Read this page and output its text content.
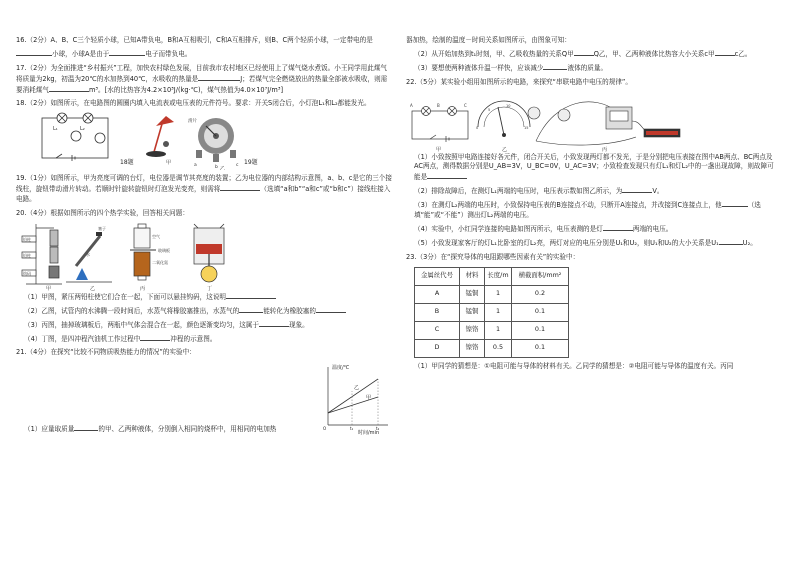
16.（2分）A、B、C三个轻质小球，已知A带负电，B和A互相吸引，C和A互相排斥，则B、C两个轻质小球，一定带电的是

小球，小球A是由于	电子而带负电。

17.（2分）为全面推进“乡村振兴”工程，加快农村绿色发展，目前我市农村地区已经使用上了煤气烧水煮饭。小王同学用此煤气将质量为2kg，初温为20℃的水加热到40℃，水吸收的热量是	J；若煤气完全燃烧放出的热量全部被水吸收，则需要消耗煤气	m³。[水的比热容为4.2×10³J/(kg·℃)，煤气热值为4.0×10⁷J/m³]

18.（2分）如图所示，在电路图的圆圈内填入电流表或电压表的元件符号。要求：开关S闭合后，小灯泡L₁和L₂都能发光。

L₁	L₂
甲
滑片
a	b	c
乙
18题	19题

19.（1分）如图所示，甲为亮度可调的台灯，电位器是调节其亮度的装置；乙为电位器的内部结构示意图，a、b、c是它的三个接线柱，旋钮带动滑片转动。若顺时针旋转旋钮时灯泡发光变亮，则需将	（选填“a和b”“a和c”或“b和c”）接线柱接入电路。

20.（4分）根据如图所示的四个热学实验，回答相关问题：

铅柱
铅柱
钩码
甲
塞子
水
乙
空气
玻璃板
二氧化氮
丙	丁

（1）甲图，紧压两铅柱使它们合在一起，下面可以悬挂钩码，这说明

（2）乙图，试管内的水沸腾一段时间后，水蒸气将橡胶塞推出，水蒸气的	能转化为橡胶塞的

（3）丙图，抽掉玻璃板后，两瓶中气体会混合在一起，颜色逐渐变均匀，这属于	现象。

（4）丁图，是四冲程汽油机工作过程中	冲程的示意图。

21.（4分）在探究“比较不同物质吸热能力的情况”的实验中：

（1）应量取质量	的甲、乙两种液体，分别倒入相同的烧杯中，用相同的电加热

温度/℃
时间/min
乙
甲
t₁	t₂
O

器加热，绘制的温度－时间关系如图所示，由图象可知：

（2）从开始加热到t₁时刻，甲、乙吸收热量的关系Q甲	Q乙，甲、乙两种液体比热容大小关系c甲	c乙。

（3）要想使两种液体升温一样快，应该减少	液体的质量。

22.（5分）某实验小组用如图所示的电路，来探究“串联电路中电压的规律”。

A	B	C
甲
0
5
10
15
乙	丙

（1）小致按照甲电路连接好各元件，闭合开关后，小致发现两灯都不发光，于是分别把电压表接在图中AB两点、BC两点及AC两点，测得数据分别是U_AB=3V，U_BC=0V，U_AC=3V；小致检查发现只有灯L₁和灯L₂中的一盏出现故障，则故障可能是

（2）排除故障后，在测灯L₁两端的电压时，电压表示数如图乙所示，为	V。

（3）在测灯L₂两端的电压时，小致保持电压表的B连接点不动，只断开A连接点，并改接到C连接点上，他	（选填“能”或“不能”）测出灯L₂两端的电压。

（4）实验中，小红同学连接的电路如图丙所示，电压表测的是灯	两端的电压。

（5）小致发现家客厅的灯L₁比卧室的灯L₂亮，两灯对应的电压分别是U₁和U₂，则U₁和U₂的大小关系是U₁	U₂。

23.（3分）在“探究导体的电阻跟哪些因素有关”的实验中：

金属丝代号	材料	长度/m	横截面积/mm²
A	锰铜	1	0.2
B	锰铜	1	0.1
C	镍铬	1	0.1
D	镍铬	0.5	0.1

（1）甲同学的猜想是：①电阻可能与导体的材料有关。乙同学的猜想是：②电阻可能与导体的温度有关。丙同
